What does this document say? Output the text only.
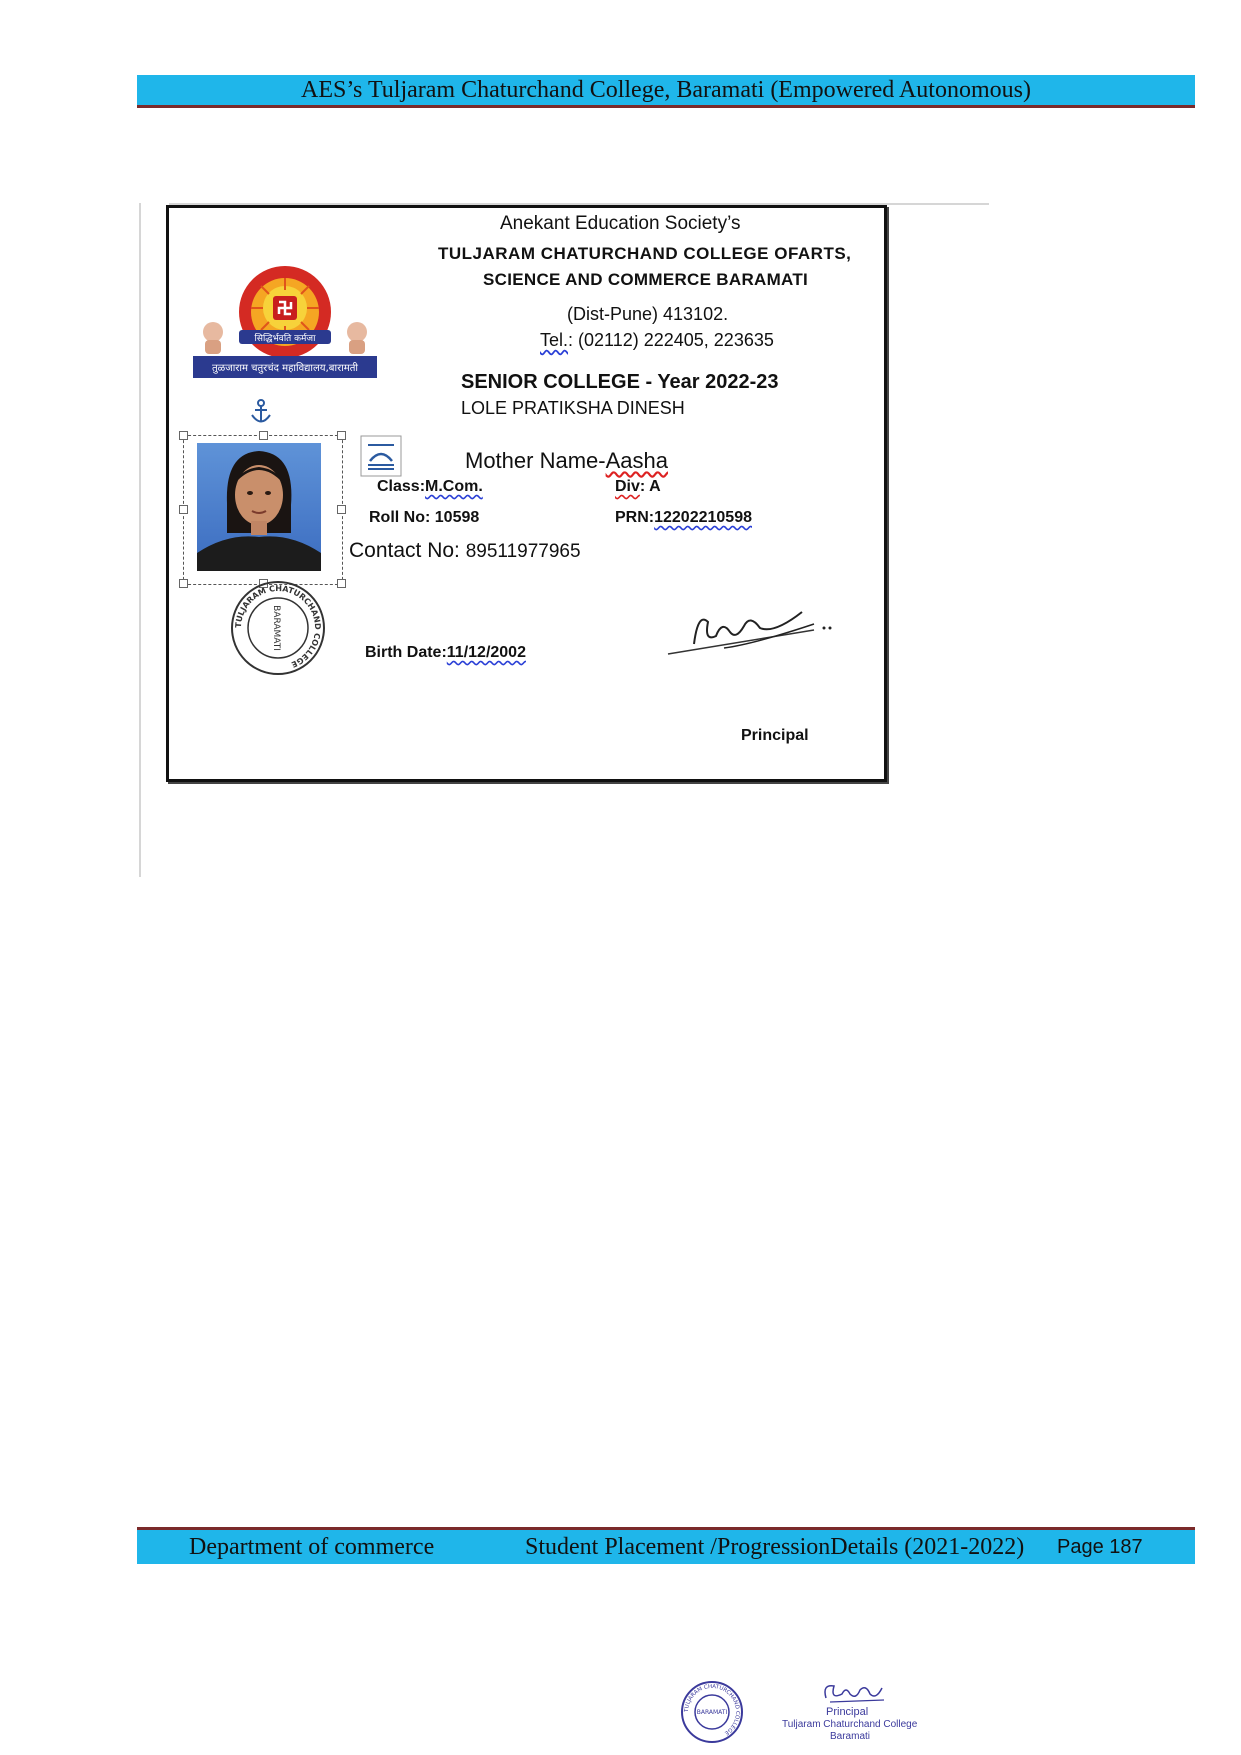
AES’s Tuljaram Chaturchand College, Baramati (Empowered Autonomous)
सिद्धिर्भवति कर्मजा
तुळजाराम चतुरचंद महाविद्यालय,बारामती
Anekant Education Society’s
TULJARAM CHATURCHAND COLLEGE OFARTS,
SCIENCE AND COMMERCE BARAMATI
(Dist-Pune) 413102.
Tel.: (02112) 222405, 223635
SENIOR COLLEGE - Year 2022-23
LOLE PRATIKSHA DINESH
Mother Name-Aasha
Class:M.Com.	Div: A
Roll No: 10598	PRN:12202210598
Contact No: 89511977965
TULJARAM CHATURCHAND COLLEGE
BARAMATI
Birth Date:11/12/2002
Principal
Department of commerce	Student Placement /ProgressionDetails (2021-2022) Page 187
TULJARAM CHATURCHAND COLLEGE
BARAMATI	Principal
Tuljaram Chaturchand College
Baramati
